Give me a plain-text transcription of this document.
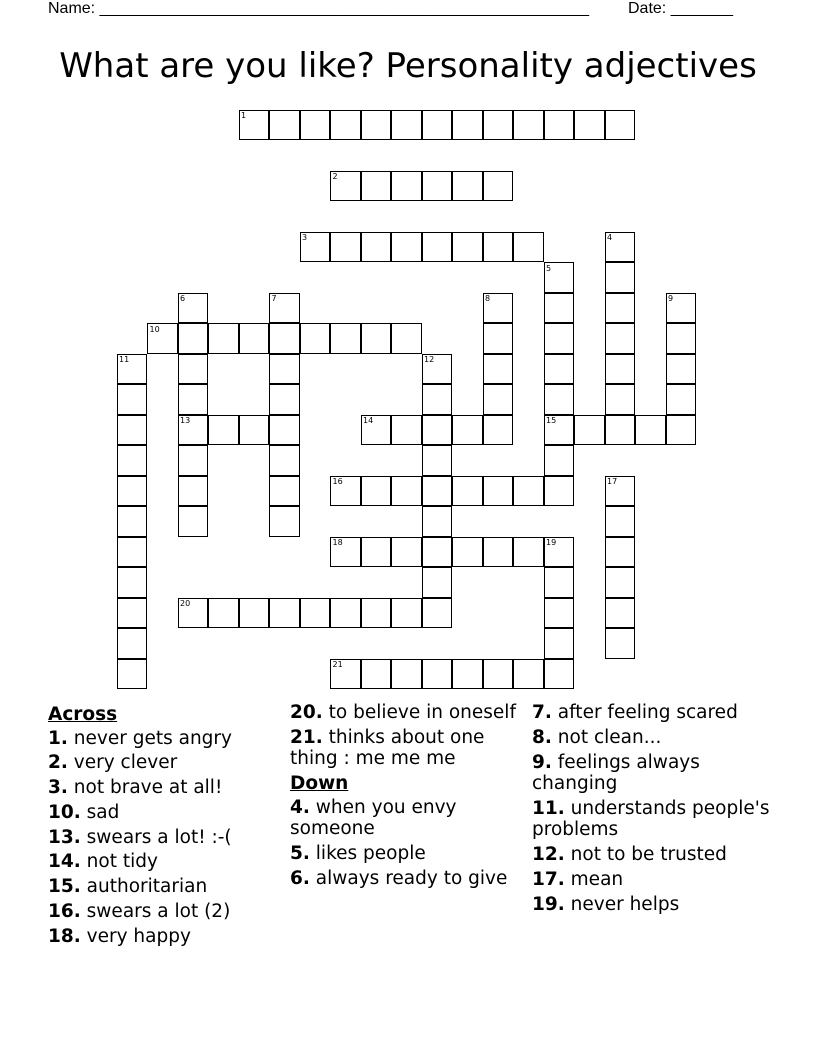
Name: _______________________________________________________ Date: _______
What are you like? Personality adjectives
1
2
3	4
5
6	7	8	9
10
11	12
13	14	15
16	17
18	19
20
21
Across
1. never gets angry
2. very clever
3. not brave at all!
10. sad
13. swears a lot! :-(
14. not tidy
15. authoritarian
16. swears a lot (2)
18. very happy
20. to believe in oneself
21. thinks about one thing : me me me
Down
4. when you envy someone
5. likes people
6. always ready to give
7. after feeling scared
8. not clean...
9. feelings always changing
11. understands people's problems
12. not to be trusted
17. mean
19. never helps
